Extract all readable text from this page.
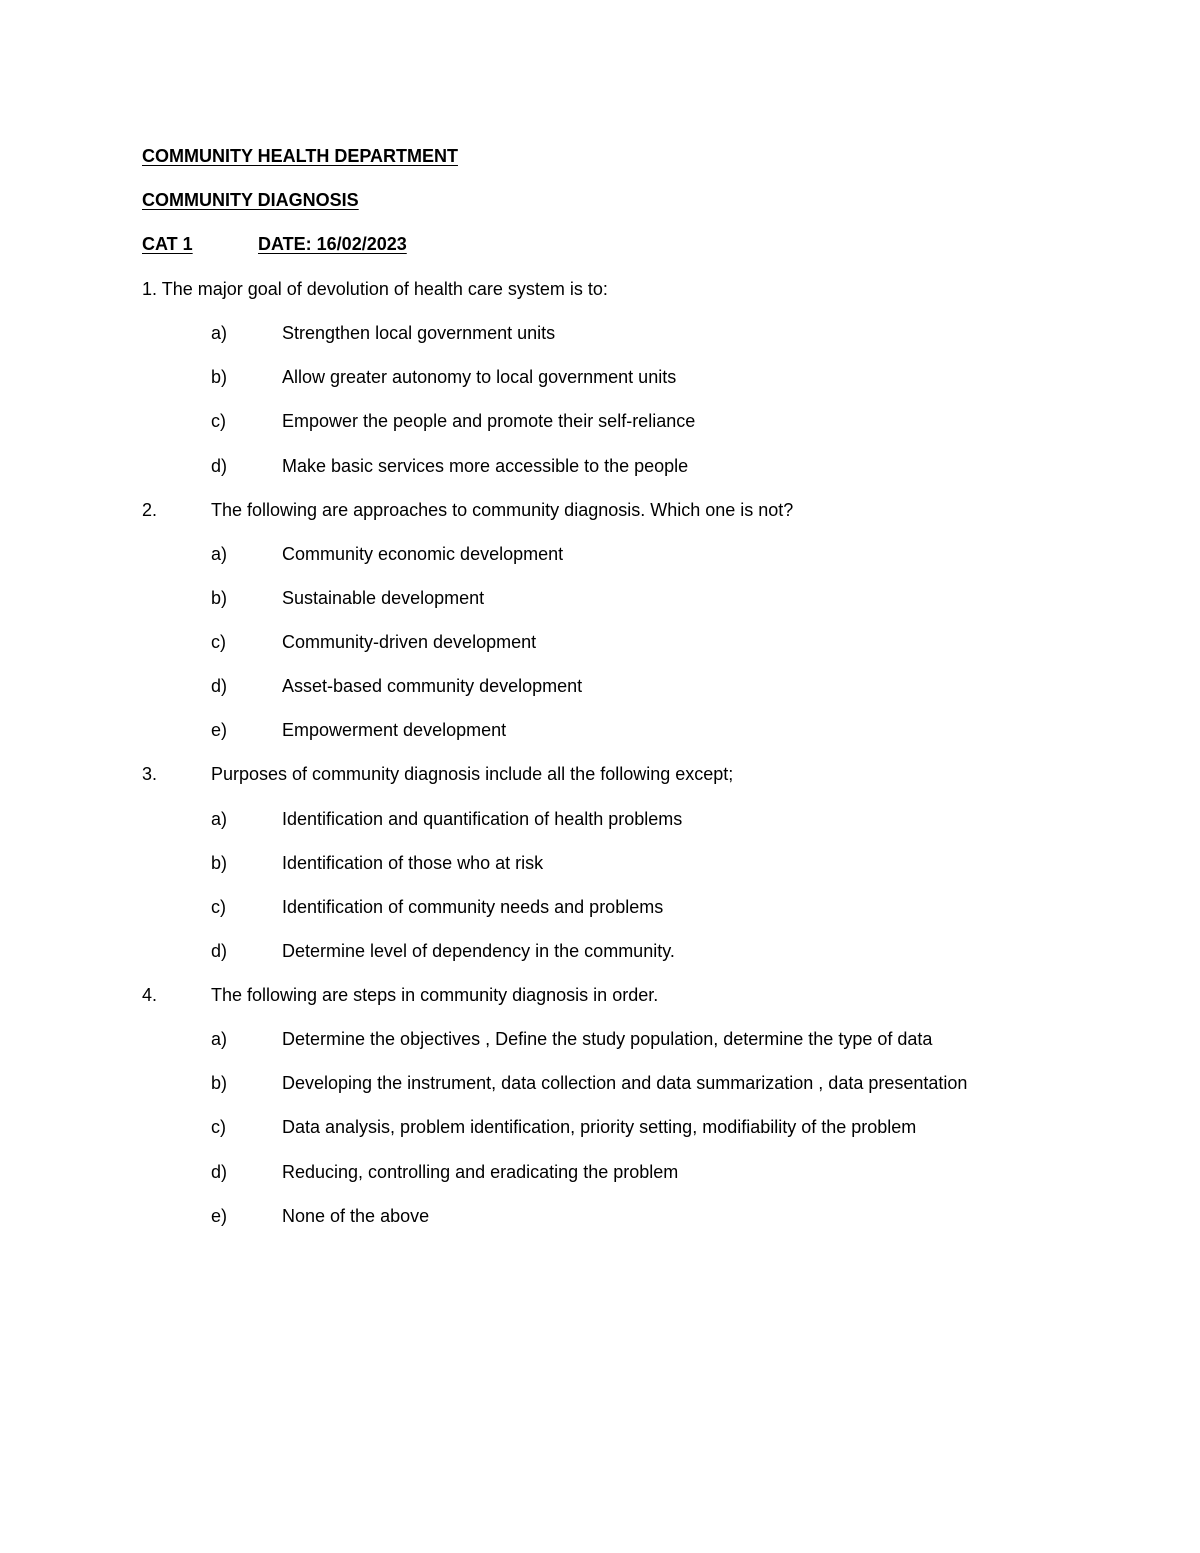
COMMUNITY HEALTH DEPARTMENT
COMMUNITY DIAGNOSIS
CAT 1	DATE: 16/02/2023
1. The major goal of devolution of health care system is to:
a)	Strengthen local government units
b)	Allow greater autonomy to local government units
c)	Empower the people and promote their self-reliance
d)	Make basic services more accessible to the people
2.	The following are approaches to community diagnosis. Which one is not?
a)	Community economic development
b)	Sustainable development
c)	Community-driven development
d)	Asset-based community development
e)	Empowerment development
3.	Purposes of community diagnosis include all the following except;
a)	Identification and quantification of health problems
b)	Identification of those who at risk
c)	Identification of community needs and problems
d)	Determine level of dependency in the community.
4.	The following are steps in community diagnosis in order.
a)	Determine the objectives , Define the study population, determine the type of data
b)	Developing the instrument, data collection and data summarization , data presentation
c)	Data analysis, problem identification, priority setting, modifiability of the problem
d)	Reducing, controlling and eradicating the problem
e)	None of the above
